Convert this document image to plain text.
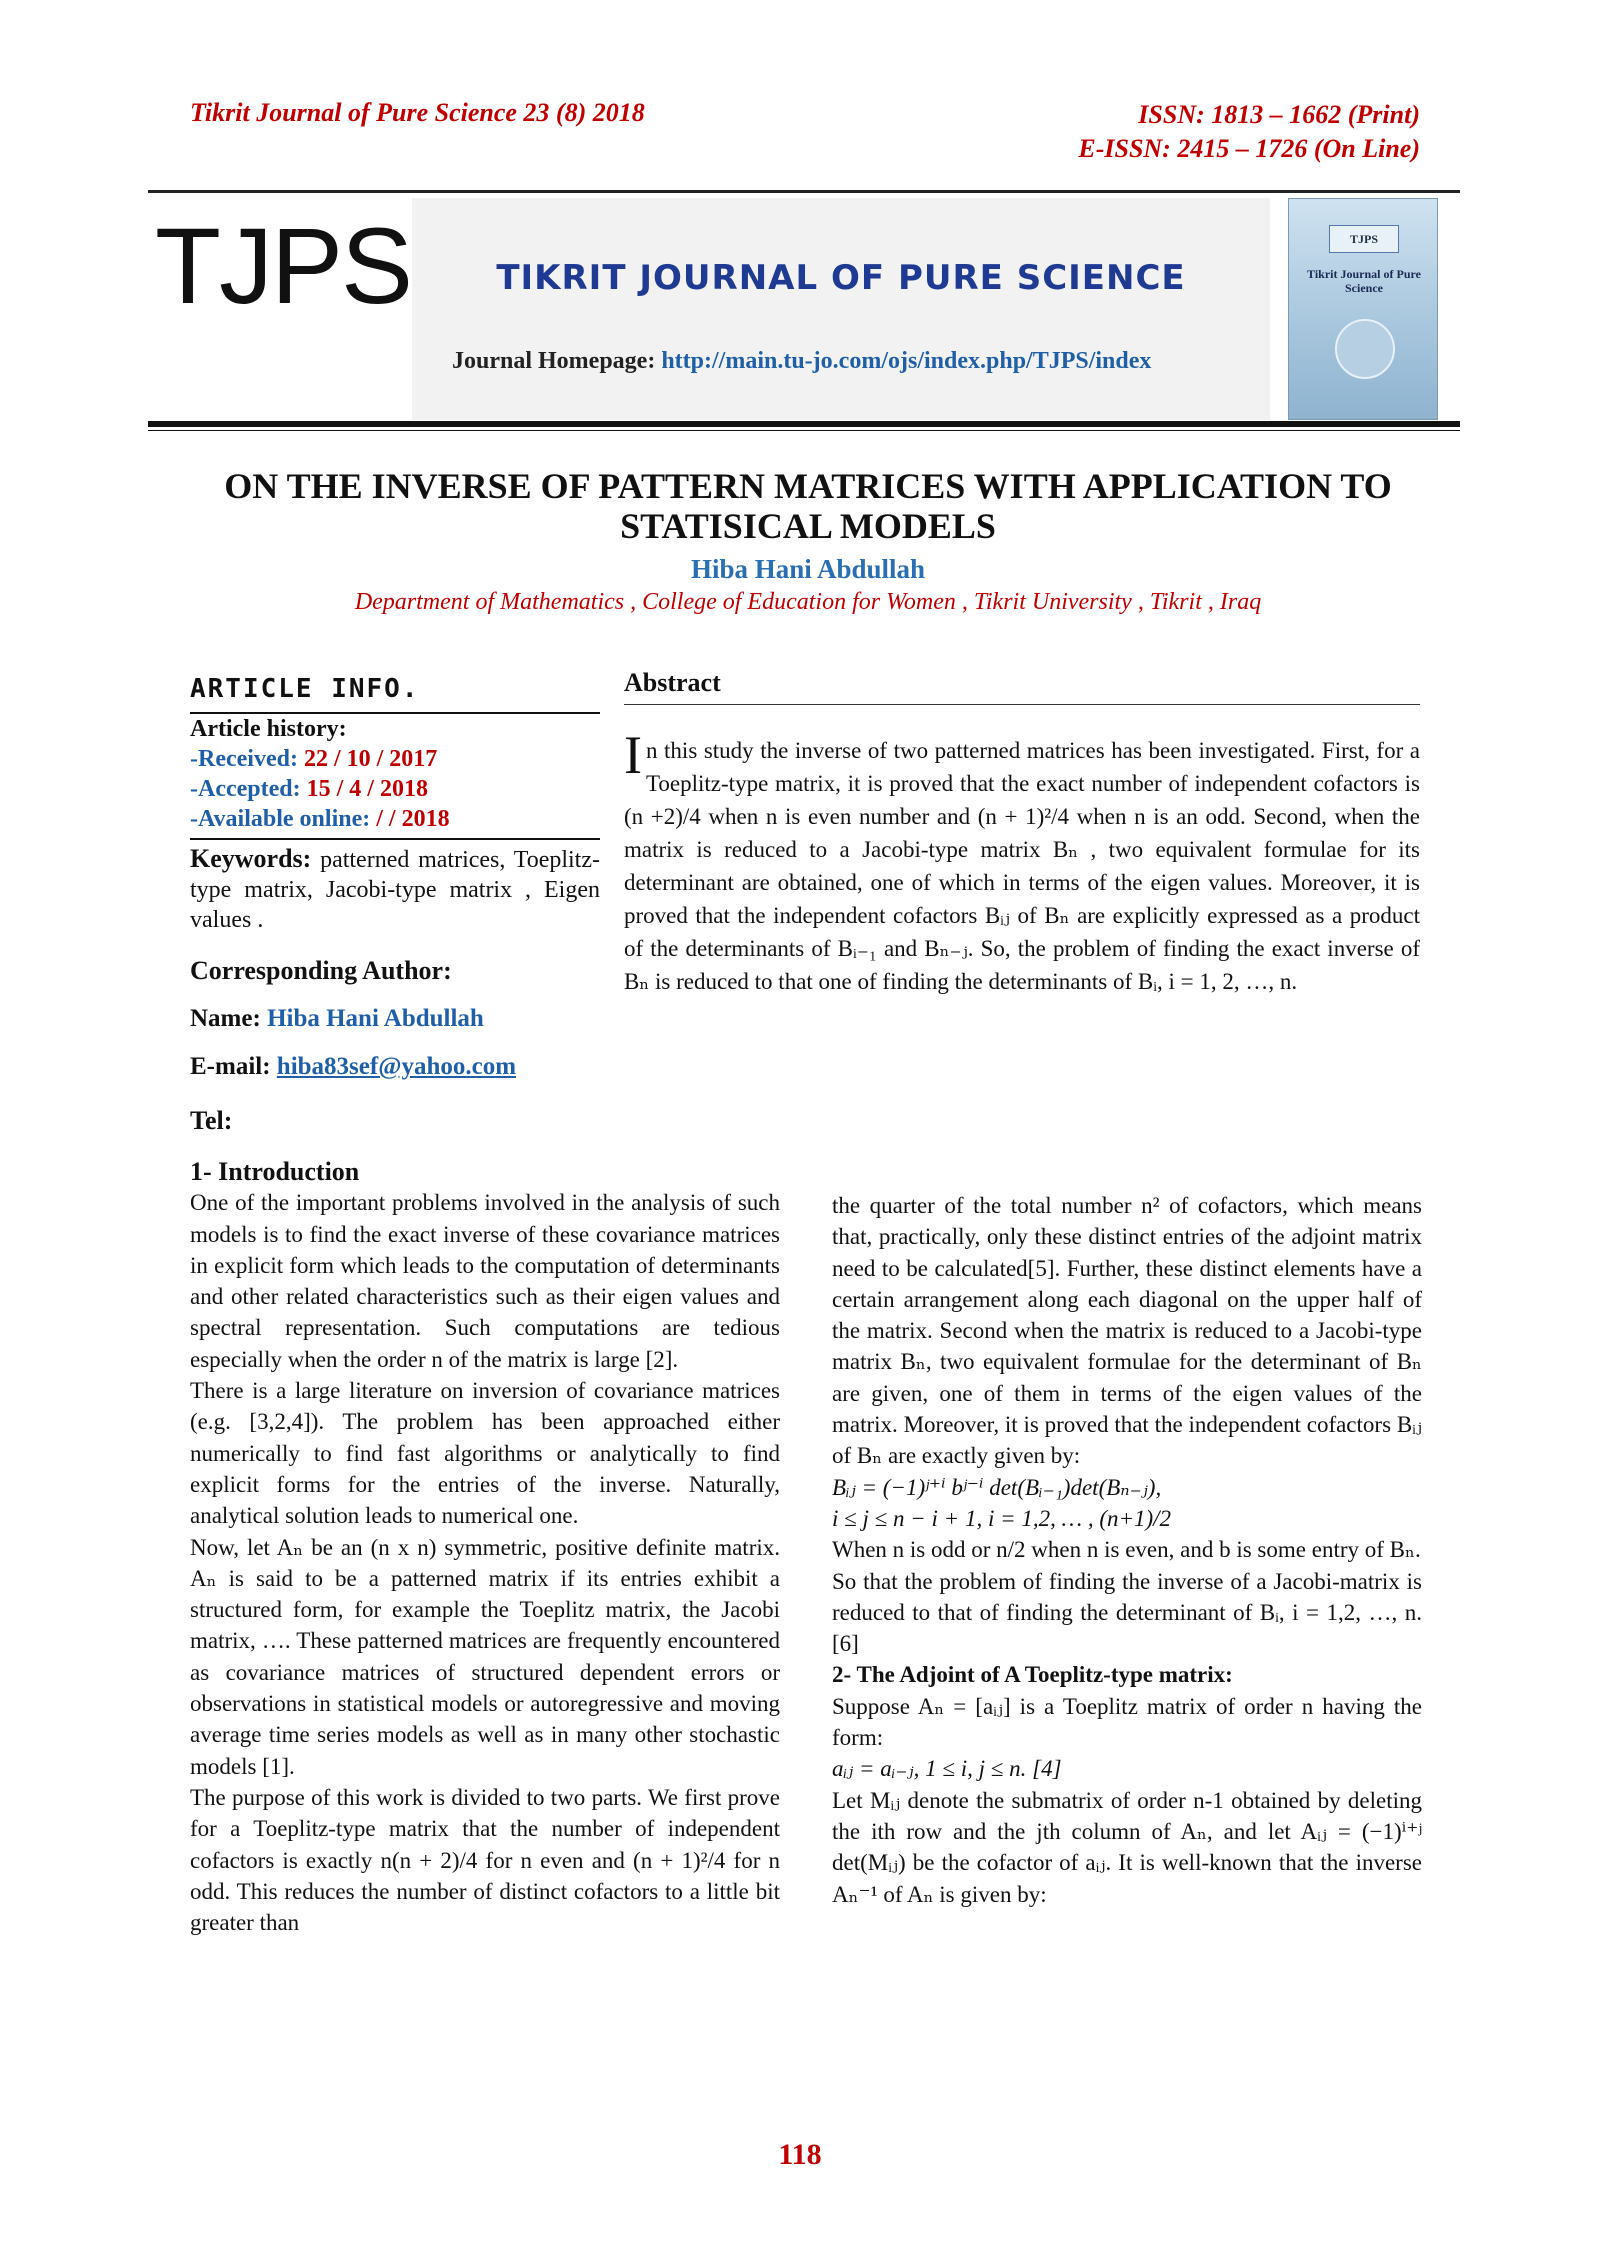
Tikrit Journal of Pure Science 23 (8) 2018	ISSN: 1813 – 1662 (Print)
E-ISSN: 2415 – 1726 (On Line)
TJPS	TIKRIT JOURNAL OF PURE SCIENCE
Journal Homepage: http://main.tu-jo.com/ojs/index.php/TJPS/index
TJPS
Tikrit Journal of Pure Science
ON THE INVERSE OF PATTERN MATRICES WITH APPLICATION TO STATISICAL MODELS
Hiba Hani Abdullah
Department of Mathematics , College of Education for Women , Tikrit University , Tikrit , Iraq
ARTICLE INFO.
Article history:
-Received: 22 / 10 / 2017
-Accepted: 15 / 4 / 2018
-Available online: / / 2018
Keywords: patterned matrices, Toeplitz-type matrix, Jacobi-type matrix , Eigen values .
Corresponding Author:
Name: Hiba Hani Abdullah
E-mail: hiba83sef@yahoo.com
Tel:
Abstract
In this study the inverse of two patterned matrices has been investigated. First, for a Toeplitz-type matrix, it is proved that the exact number of independent cofactors is (n +2)/4 when n is even number and (n + 1)²/4 when n is an odd. Second, when the matrix is reduced to a Jacobi-type matrix Bₙ , two equivalent formulae for its determinant are obtained, one of which in terms of the eigen values. Moreover, it is proved that the independent cofactors Bᵢⱼ of Bₙ are explicitly expressed as a product of the determinants of Bᵢ₋₁ and Bₙ₋ⱼ. So, the problem of finding the exact inverse of Bₙ is reduced to that one of finding the determinants of Bᵢ, i = 1, 2, …, n.
1- Introduction

One of the important problems involved in the analysis of such models is to find the exact inverse of these covariance matrices in explicit form which leads to the computation of determinants and other related characteristics such as their eigen values and spectral representation. Such computations are tedious especially when the order n of the matrix is large [2].

There is a large literature on inversion of covariance matrices (e.g. [3,2,4]). The problem has been approached either numerically to find fast algorithms or analytically to find explicit forms for the entries of the inverse. Naturally, analytical solution leads to numerical one.

Now, let Aₙ be an (n x n) symmetric, positive definite matrix. Aₙ is said to be a patterned matrix if its entries exhibit a structured form, for example the Toeplitz matrix, the Jacobi matrix, …. These patterned matrices are frequently encountered as covariance matrices of structured dependent errors or observations in statistical models or autoregressive and moving average time series models as well as in many other stochastic models [1].

The purpose of this work is divided to two parts. We first prove for a Toeplitz-type matrix that the number of independent cofactors is exactly n(n + 2)/4 for n even and (n + 1)²/4 for n odd. This reduces the number of distinct cofactors to a little bit greater than

the quarter of the total number n² of cofactors, which means that, practically, only these distinct entries of the adjoint matrix need to be calculated[5]. Further, these distinct elements have a certain arrangement along each diagonal on the upper half of the matrix. Second when the matrix is reduced to a Jacobi-type matrix Bₙ, two equivalent formulae for the determinant of Bₙ are given, one of them in terms of the eigen values of the matrix. Moreover, it is proved that the independent cofactors Bᵢⱼ of Bₙ are exactly given by:

Bᵢⱼ = (−1)ʲ⁺ⁱ bʲ⁻ⁱ det(Bᵢ₋₁)det(Bₙ₋ⱼ),

i ≤ j ≤ n − i + 1, i = 1,2, … , (n+1)/2

When n is odd or n/2 when n is even, and b is some entry of Bₙ.

So that the problem of finding the inverse of a Jacobi-matrix is reduced to that of finding the determinant of Bᵢ, i = 1,2, …, n. [6]

2- The Adjoint of A Toeplitz-type matrix:

Suppose Aₙ = [aᵢⱼ] is a Toeplitz matrix of order n having the form:

aᵢⱼ = aᵢ₋ⱼ, 1 ≤ i, j ≤ n. [4]

Let Mᵢⱼ denote the submatrix of order n-1 obtained by deleting the ith row and the jth column of Aₙ, and let Aᵢⱼ = (−1)ⁱ⁺ʲ det(Mᵢⱼ) be the cofactor of aᵢⱼ. It is well-known that the inverse Aₙ⁻¹ of Aₙ is given by:

118
